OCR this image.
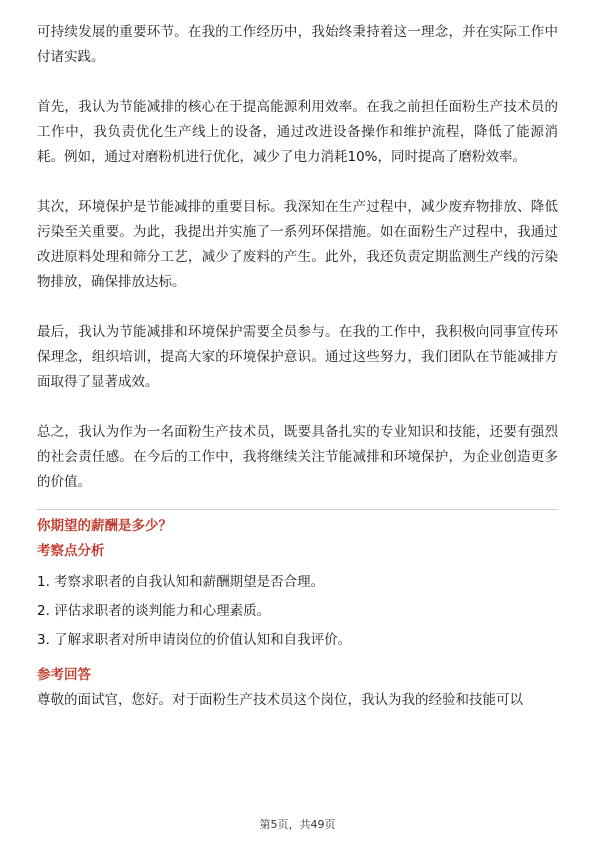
可持续发展的重要环节。在我的工作经历中，我始终秉持着这一理念，并在实际工作中付诸实践。

首先，我认为节能减排的核心在于提高能源利用效率。在我之前担任面粉生产技术员的工作中，我负责优化生产线上的设备，通过改进设备操作和维护流程，降低了能源消耗。例如，通过对磨粉机进行优化，减少了电力消耗10%，同时提高了磨粉效率。

其次，环境保护是节能减排的重要目标。我深知在生产过程中，减少废弃物排放、降低污染至关重要。为此，我提出并实施了一系列环保措施。如在面粉生产过程中，我通过改进原料处理和筛分工艺，减少了废料的产生。此外，我还负责定期监测生产线的污染物排放，确保排放达标。

最后，我认为节能减排和环境保护需要全员参与。在我的工作中，我积极向同事宣传环保理念，组织培训，提高大家的环境保护意识。通过这些努力，我们团队在节能减排方面取得了显著成效。

总之，我认为作为一名面粉生产技术员，既要具备扎实的专业知识和技能，还要有强烈的社会责任感。在今后的工作中，我将继续关注节能减排和环境保护，为企业创造更多的价值。

你期望的薪酬是多少？

考察点分析

1. 考察求职者的自我认知和薪酬期望是否合理。

2. 评估求职者的谈判能力和心理素质。

3. 了解求职者对所申请岗位的价值认知和自我评价。

参考回答

尊敬的面试官，您好。对于面粉生产技术员这个岗位，我认为我的经验和技能可以

第5页，共49页
